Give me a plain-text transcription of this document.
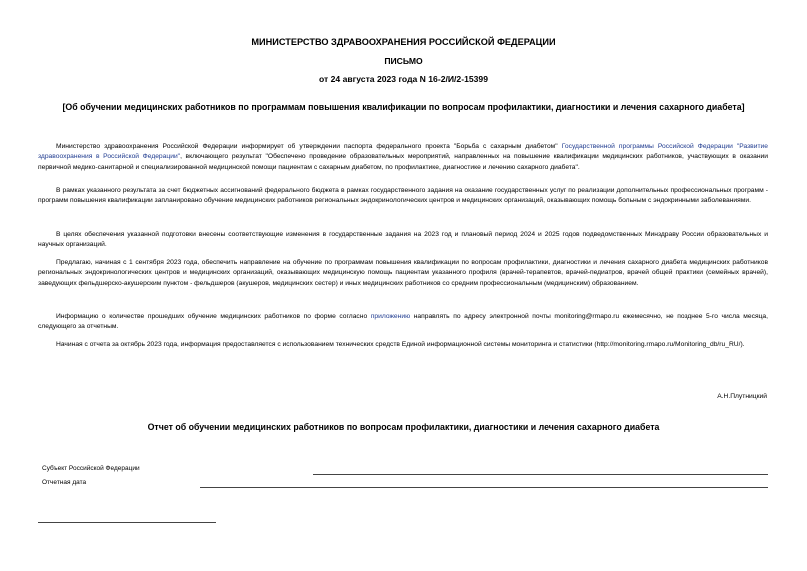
МИНИСТЕРСТВО ЗДРАВООХРАНЕНИЯ РОССИЙСКОЙ ФЕДЕРАЦИИ
ПИСЬМО
от 24 августа 2023 года N 16-2/И/2-15399
[Об обучении медицинских работников по программам повышения квалификации по вопросам профилактики, диагностики и лечения сахарного диабета]
Министерство здравоохранения Российской Федерации информирует об утверждении паспорта федерального проекта "Борьба с сахарным диабетом" Государственной программы Российской Федерации "Развитие здравоохранения в Российской Федерации", включающего результат "Обеспечено проведение образовательных мероприятий, направленных на повышение квалификации медицинских работников, участвующих в оказании первичной медико-санитарной и специализированной медицинской помощи пациентам с сахарным диабетом, по профилактике, диагностике и лечению сахарного диабета".
В рамках указанного результата за счет бюджетных ассигнований федерального бюджета в рамках государственного задания на оказание государственных услуг по реализации дополнительных профессиональных программ - программ повышения квалификации запланировано обучение медицинских работников региональных эндокринологических центров и медицинских организаций, оказывающих помощь больным с эндокринными заболеваниями.
В целях обеспечения указанной подготовки внесены соответствующие изменения в государственные задания на 2023 год и плановый период 2024 и 2025 годов подведомственных Минздраву России образовательных и научных организаций.
Предлагаю, начиная с 1 сентября 2023 года, обеспечить направление на обучение по программам повышения квалификации по вопросам профилактики, диагностики и лечения сахарного диабета медицинских работников региональных эндокринологических центров и медицинских организаций, оказывающих медицинскую помощь пациентам указанного профиля (врачей-терапевтов, врачей-педиатров, врачей общей практики (семейных врачей), заведующих фельдшерско-акушерским пунктом - фельдшеров (акушеров, медицинских сестер) и иных медицинских работников со средним профессиональным (медицинским) образованием.
Информацию о количестве прошедших обучение медицинских работников по форме согласно приложению направлять по адресу электронной почты monitoring@rmapo.ru ежемесячно, не позднее 5-го числа месяца, следующего за отчетным.
Начиная с отчета за октябрь 2023 года, информация предоставляется с использованием технических средств Единой информационной системы мониторинга и статистики (http://monitoring.rmapo.ru/Monitoring_db/ru_RU/).
А.Н.Плутницкий
Отчет об обучении медицинских работников по вопросам профилактики, диагностики и лечения сахарного диабета
Субъект Российской Федерации
Отчетная дата
